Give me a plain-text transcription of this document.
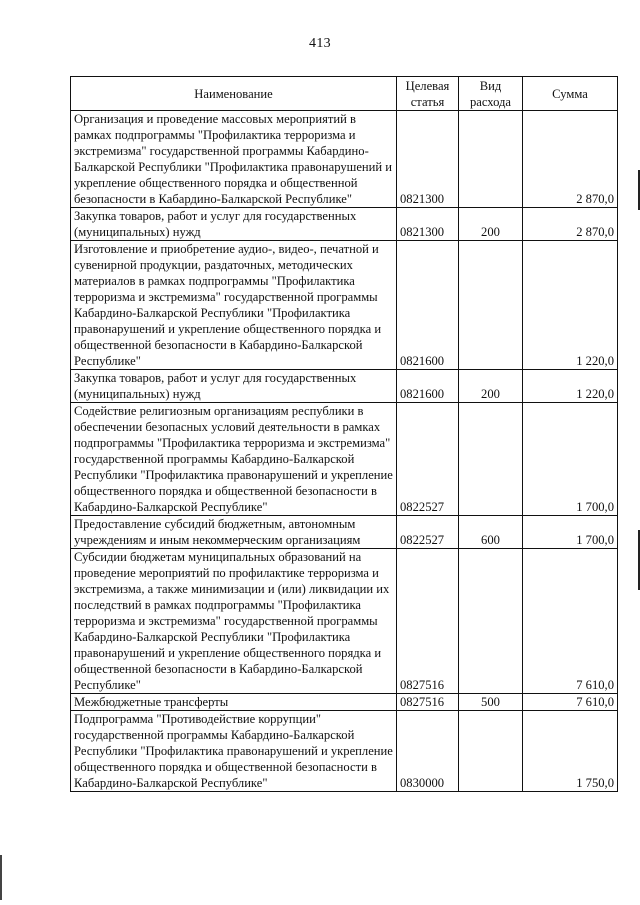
413
Наименование	Целевая статья	Вид расхода	Сумма
Организация и проведение массовых мероприятий в рамках подпрограммы "Профилактика терроризма и экстремизма" государственной программы Кабардино-Балкарской Республики "Профилактика правонарушений и укрепление общественного порядка и общественной безопасности в Кабардино-Балкарской Республике"	0821300		2 870,0
Закупка товаров, работ и услуг для государственных (муниципальных) нужд	0821300	200	2 870,0
Изготовление и приобретение аудио-, видео-, печатной и сувенирной продукции, раздаточных, методических материалов в рамках подпрограммы "Профилактика терроризма и экстремизма" государственной программы Кабардино-Балкарской Республики "Профилактика правонарушений и укрепление общественного порядка и общественной безопасности в Кабардино-Балкарской Республике"	0821600		1 220,0
Закупка товаров, работ и услуг для государственных (муниципальных) нужд	0821600	200	1 220,0
Содействие религиозным организациям республики в обеспечении безопасных условий деятельности в рамках подпрограммы "Профилактика терроризма и экстремизма" государственной программы Кабардино-Балкарской Республики "Профилактика правонарушений и укрепление общественного порядка и общественной безопасности в Кабардино-Балкарской Республике"	0822527		1 700,0
Предоставление субсидий бюджетным, автономным учреждениям и иным некоммерческим организациям	0822527	600	1 700,0
Субсидии бюджетам муниципальных образований на проведение мероприятий по профилактике терроризма и экстремизма, а также минимизации и (или) ликвидации их последствий в рамках подпрограммы "Профилактика терроризма и экстремизма" государственной программы Кабардино-Балкарской Республики "Профилактика правонарушений и укрепление общественного порядка и общественной безопасности в Кабардино-Балкарской Республике"	0827516		7 610,0
Межбюджетные трансферты	0827516	500	7 610,0
Подпрограмма "Противодействие коррупции" государственной программы Кабардино-Балкарской Республики "Профилактика правонарушений и укрепление общественного порядка и общественной безопасности в Кабардино-Балкарской Республике"	0830000		1 750,0
